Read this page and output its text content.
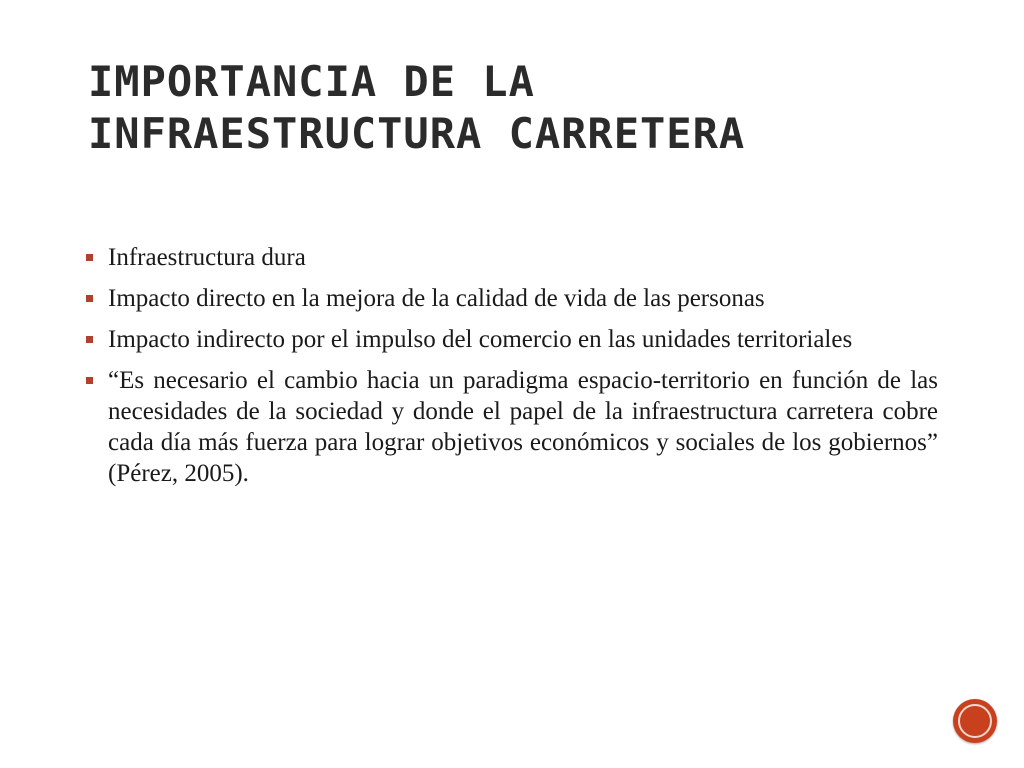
IMPORTANCIA DE LA INFRAESTRUCTURA CARRETERA
Infraestructura dura
Impacto directo en la mejora de la calidad de vida de las personas
Impacto indirecto por el impulso del comercio en las unidades territoriales
“Es necesario el cambio hacia un paradigma espacio-territorio en función de las necesidades de la sociedad y donde el papel de la infraestructura carretera cobre cada día más fuerza para lograr objetivos económicos y sociales de los gobiernos” (Pérez, 2005).
